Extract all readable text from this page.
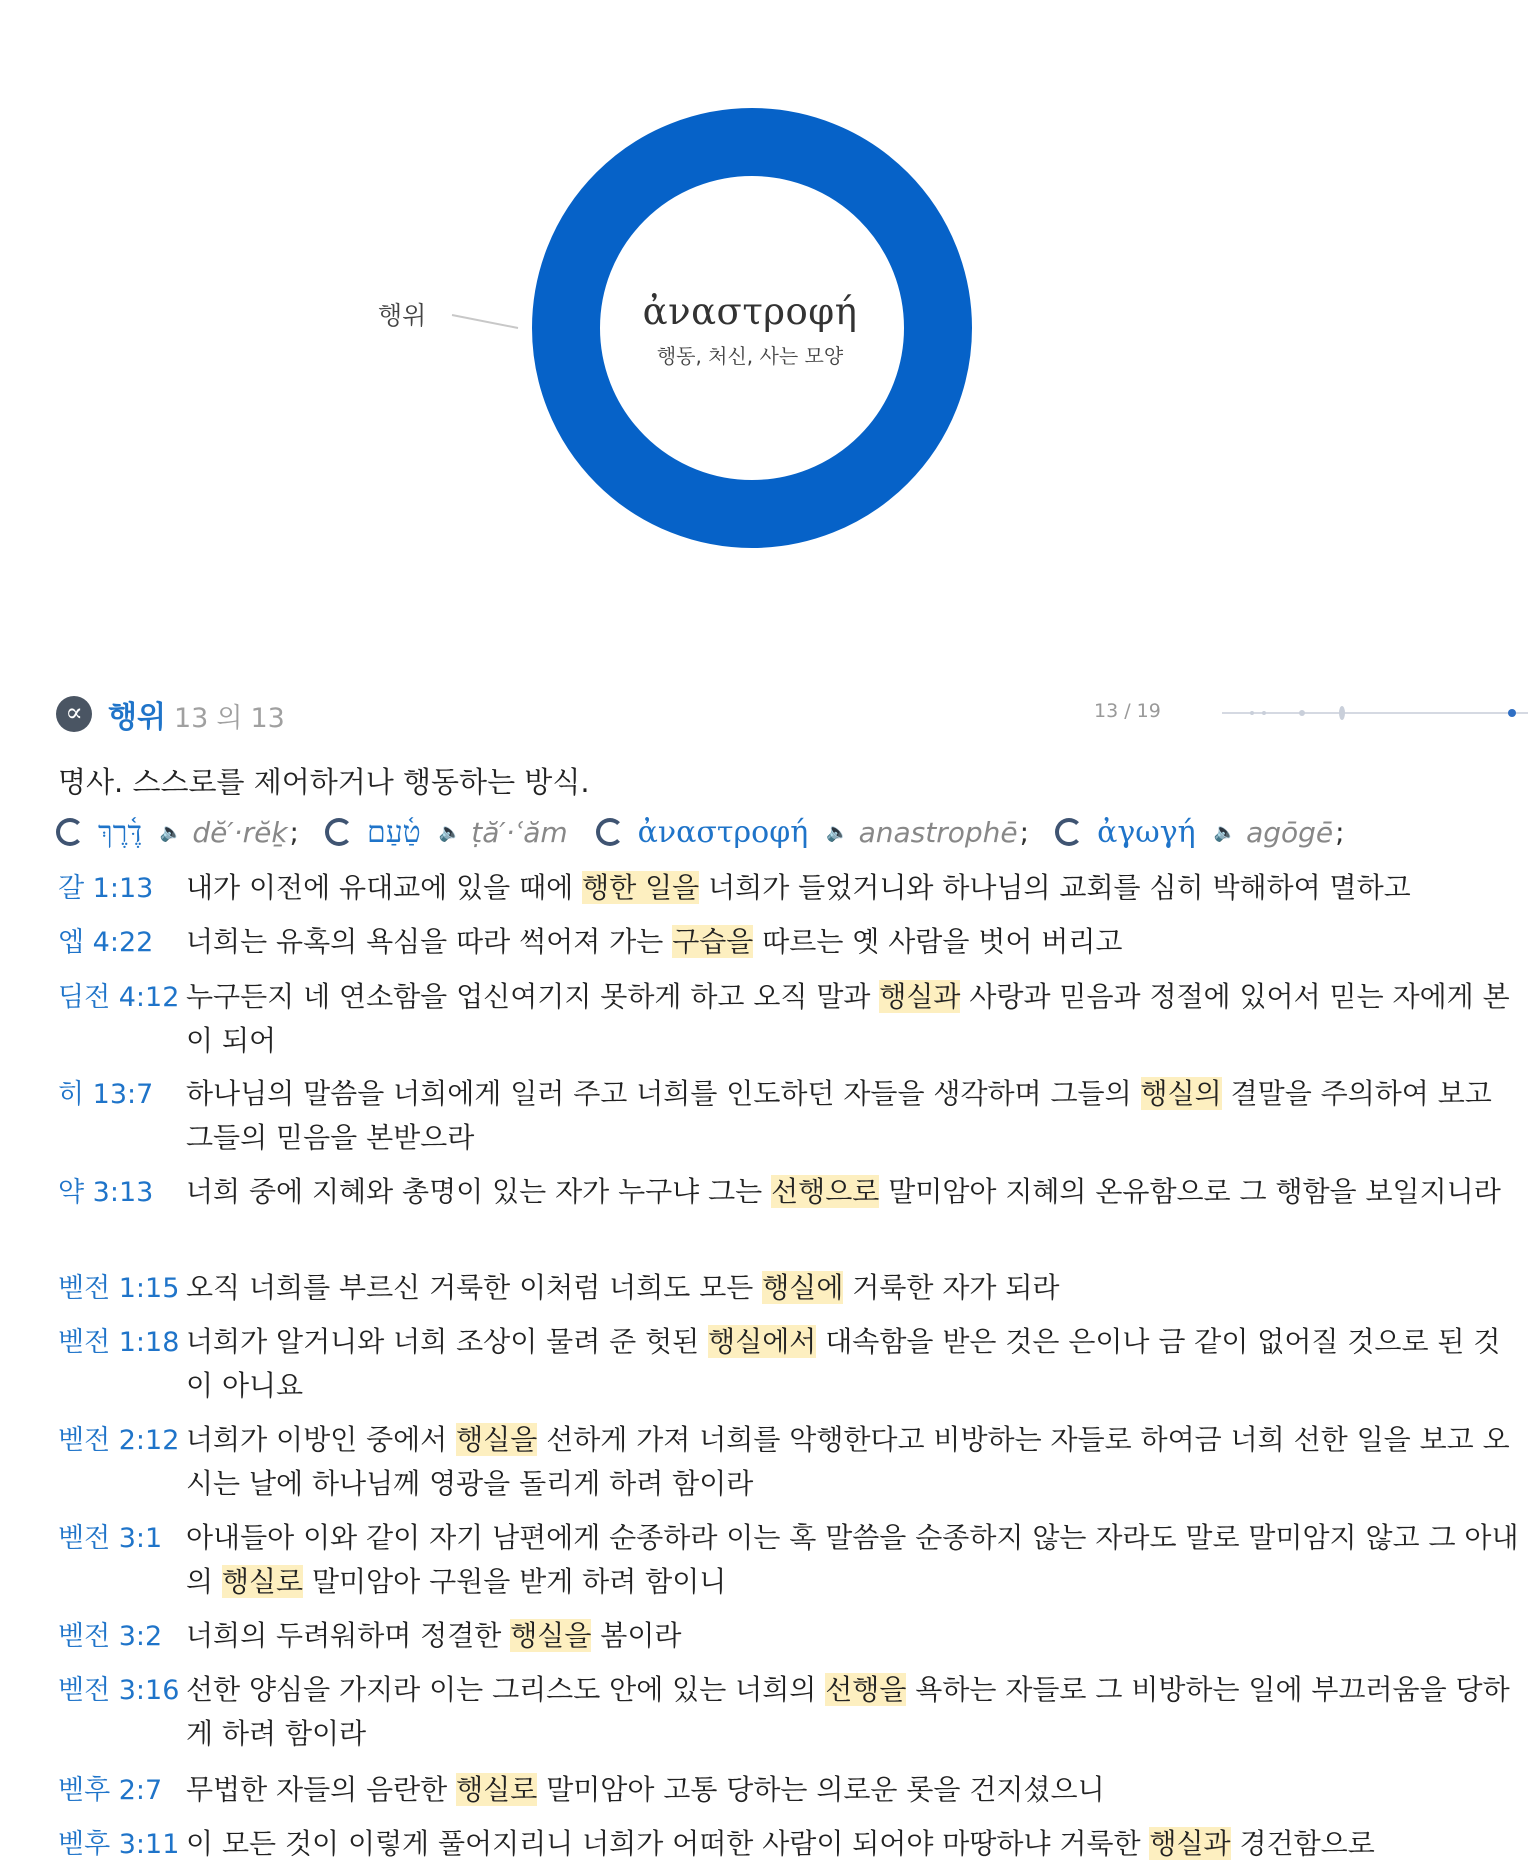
행위	ἀναστροφή
행동, 처신, 사는 모양
∝ 행위 13 의 13	13 / 19
명사. 스스로를 제어하거나 행동하는 방식.
דֶּ֫רֶךְ 🔈 dĕ′·rĕḵ ; טַ֫עַם 🔈 ṭă′·ʿăm ἀναστροφή 🔈 anastrophē ; ἀγωγή 🔈 agōgē ;
갈 1:13 내가 이전에 유대교에 있을 때에 행한 일을 너희가 들었거니와 하나님의 교회를 심히 박해하여 멸하고
엡 4:22 너희는 유혹의 욕심을 따라 썩어져 가는 구습을 따르는 옛 사람을 벗어 버리고
딤전 4:12 누구든지 네 연소함을 업신여기지 못하게 하고 오직 말과 행실과 사랑과 믿음과 정절에 있어서 믿는 자에게 본이 되어
히 13:7 하나님의 말씀을 너희에게 일러 주고 너희를 인도하던 자들을 생각하며 그들의 행실의 결말을 주의하여 보고 그들의 믿음을 본받으라
약 3:13 너희 중에 지혜와 총명이 있는 자가 누구냐 그는 선행으로 말미암아 지혜의 온유함으로 그 행함을 보일지니라
벧전 1:15 오직 너희를 부르신 거룩한 이처럼 너희도 모든 행실에 거룩한 자가 되라
벧전 1:18 너희가 알거니와 너희 조상이 물려 준 헛된 행실에서 대속함을 받은 것은 은이나 금 같이 없어질 것으로 된 것이 아니요
벧전 2:12 너희가 이방인 중에서 행실을 선하게 가져 너희를 악행한다고 비방하는 자들로 하여금 너희 선한 일을 보고 오시는 날에 하나님께 영광을 돌리게 하려 함이라
벧전 3:1 아내들아 이와 같이 자기 남편에게 순종하라 이는 혹 말씀을 순종하지 않는 자라도 말로 말미암지 않고 그 아내의 행실로 말미암아 구원을 받게 하려 함이니
벧전 3:2 너희의 두려워하며 정결한 행실을 봄이라
벧전 3:16 선한 양심을 가지라 이는 그리스도 안에 있는 너희의 선행을 욕하는 자들로 그 비방하는 일에 부끄러움을 당하게 하려 함이라
벧후 2:7 무법한 자들의 음란한 행실로 말미암아 고통 당하는 의로운 롯을 건지셨으니
벧후 3:11 이 모든 것이 이렇게 풀어지리니 너희가 어떠한 사람이 되어야 마땅하냐 거룩한 행실과 경건함으로
